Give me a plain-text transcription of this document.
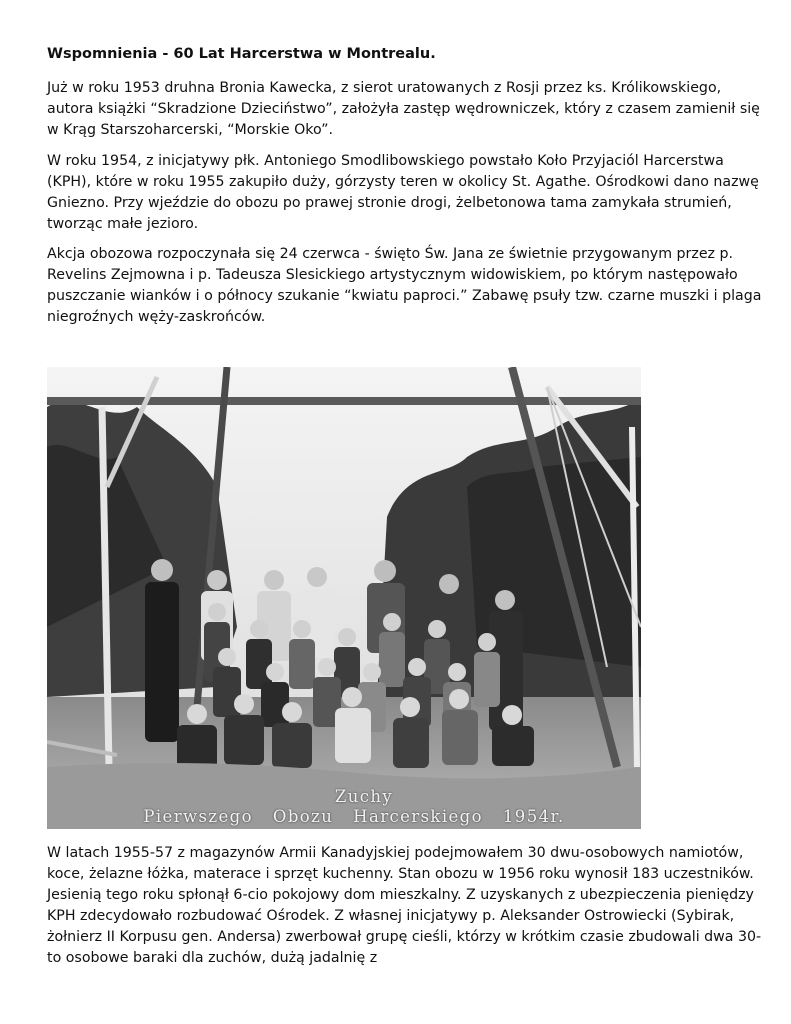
Wspomnienia - 60 Lat Harcerstwa w Montrealu.

Już w roku 1953 druhna Bronia Kawecka, z sierot uratowanych z Rosji przez ks. Królikowskiego, autora książki “Skradzione Dzieciństwo”, założyła zastęp wędrowniczek, który z czasem zamienił się w Krąg Starszoharcerski, “Morskie Oko”.

W roku 1954, z inicjatywy płk. Antoniego Smodlibowskiego powstało Koło Przyjaciól Harcerstwa (KPH), które w roku 1955 zakupiło duży, górzysty teren w okolicy St. Agathe. Ośrodkowi dano nazwę Gniezno. Przy wjeździe do obozu po prawej stronie drogi, żelbetonowa tama zamykała strumień, tworząc małe jezioro.

Akcja obozowa rozpoczynała się 24 czerwca - święto Św. Jana ze świetnie przygowanym przez p. Revelins Zejmowna i p. Tadeusza Slesickiego artystycznym widowiskiem, po którym następowało puszczanie wianków i o północy szukanie “kwiatu paproci.” Zabawę psuły tzw. czarne muszki i plaga niegroźnych węży-zaskrońców.

Zuchy
Pierwszego   Obozu   Harcerskiego   1954r.

W latach 1955-57 z magazynów Armii Kanadyjskiej podejmowałem 30 dwu-osobowych namiotów, koce, żelazne łóżka, materace i sprzęt kuchenny. Stan obozu w 1956 roku wynosił 183 uczestników. Jesienią tego roku spłonął 6-cio pokojowy dom mieszkalny. Z uzyskanych z ubezpieczenia pieniędzy KPH zdecydowało rozbudować Ośrodek. Z własnej inicjatywy p. Aleksander Ostrowiecki (Sybirak, żołnierz II Korpusu gen. Andersa) zwerbował grupę cieśli, którzy w krótkim czasie zbudowali dwa 30-to osobowe baraki dla zuchów, dużą jadalnię z
